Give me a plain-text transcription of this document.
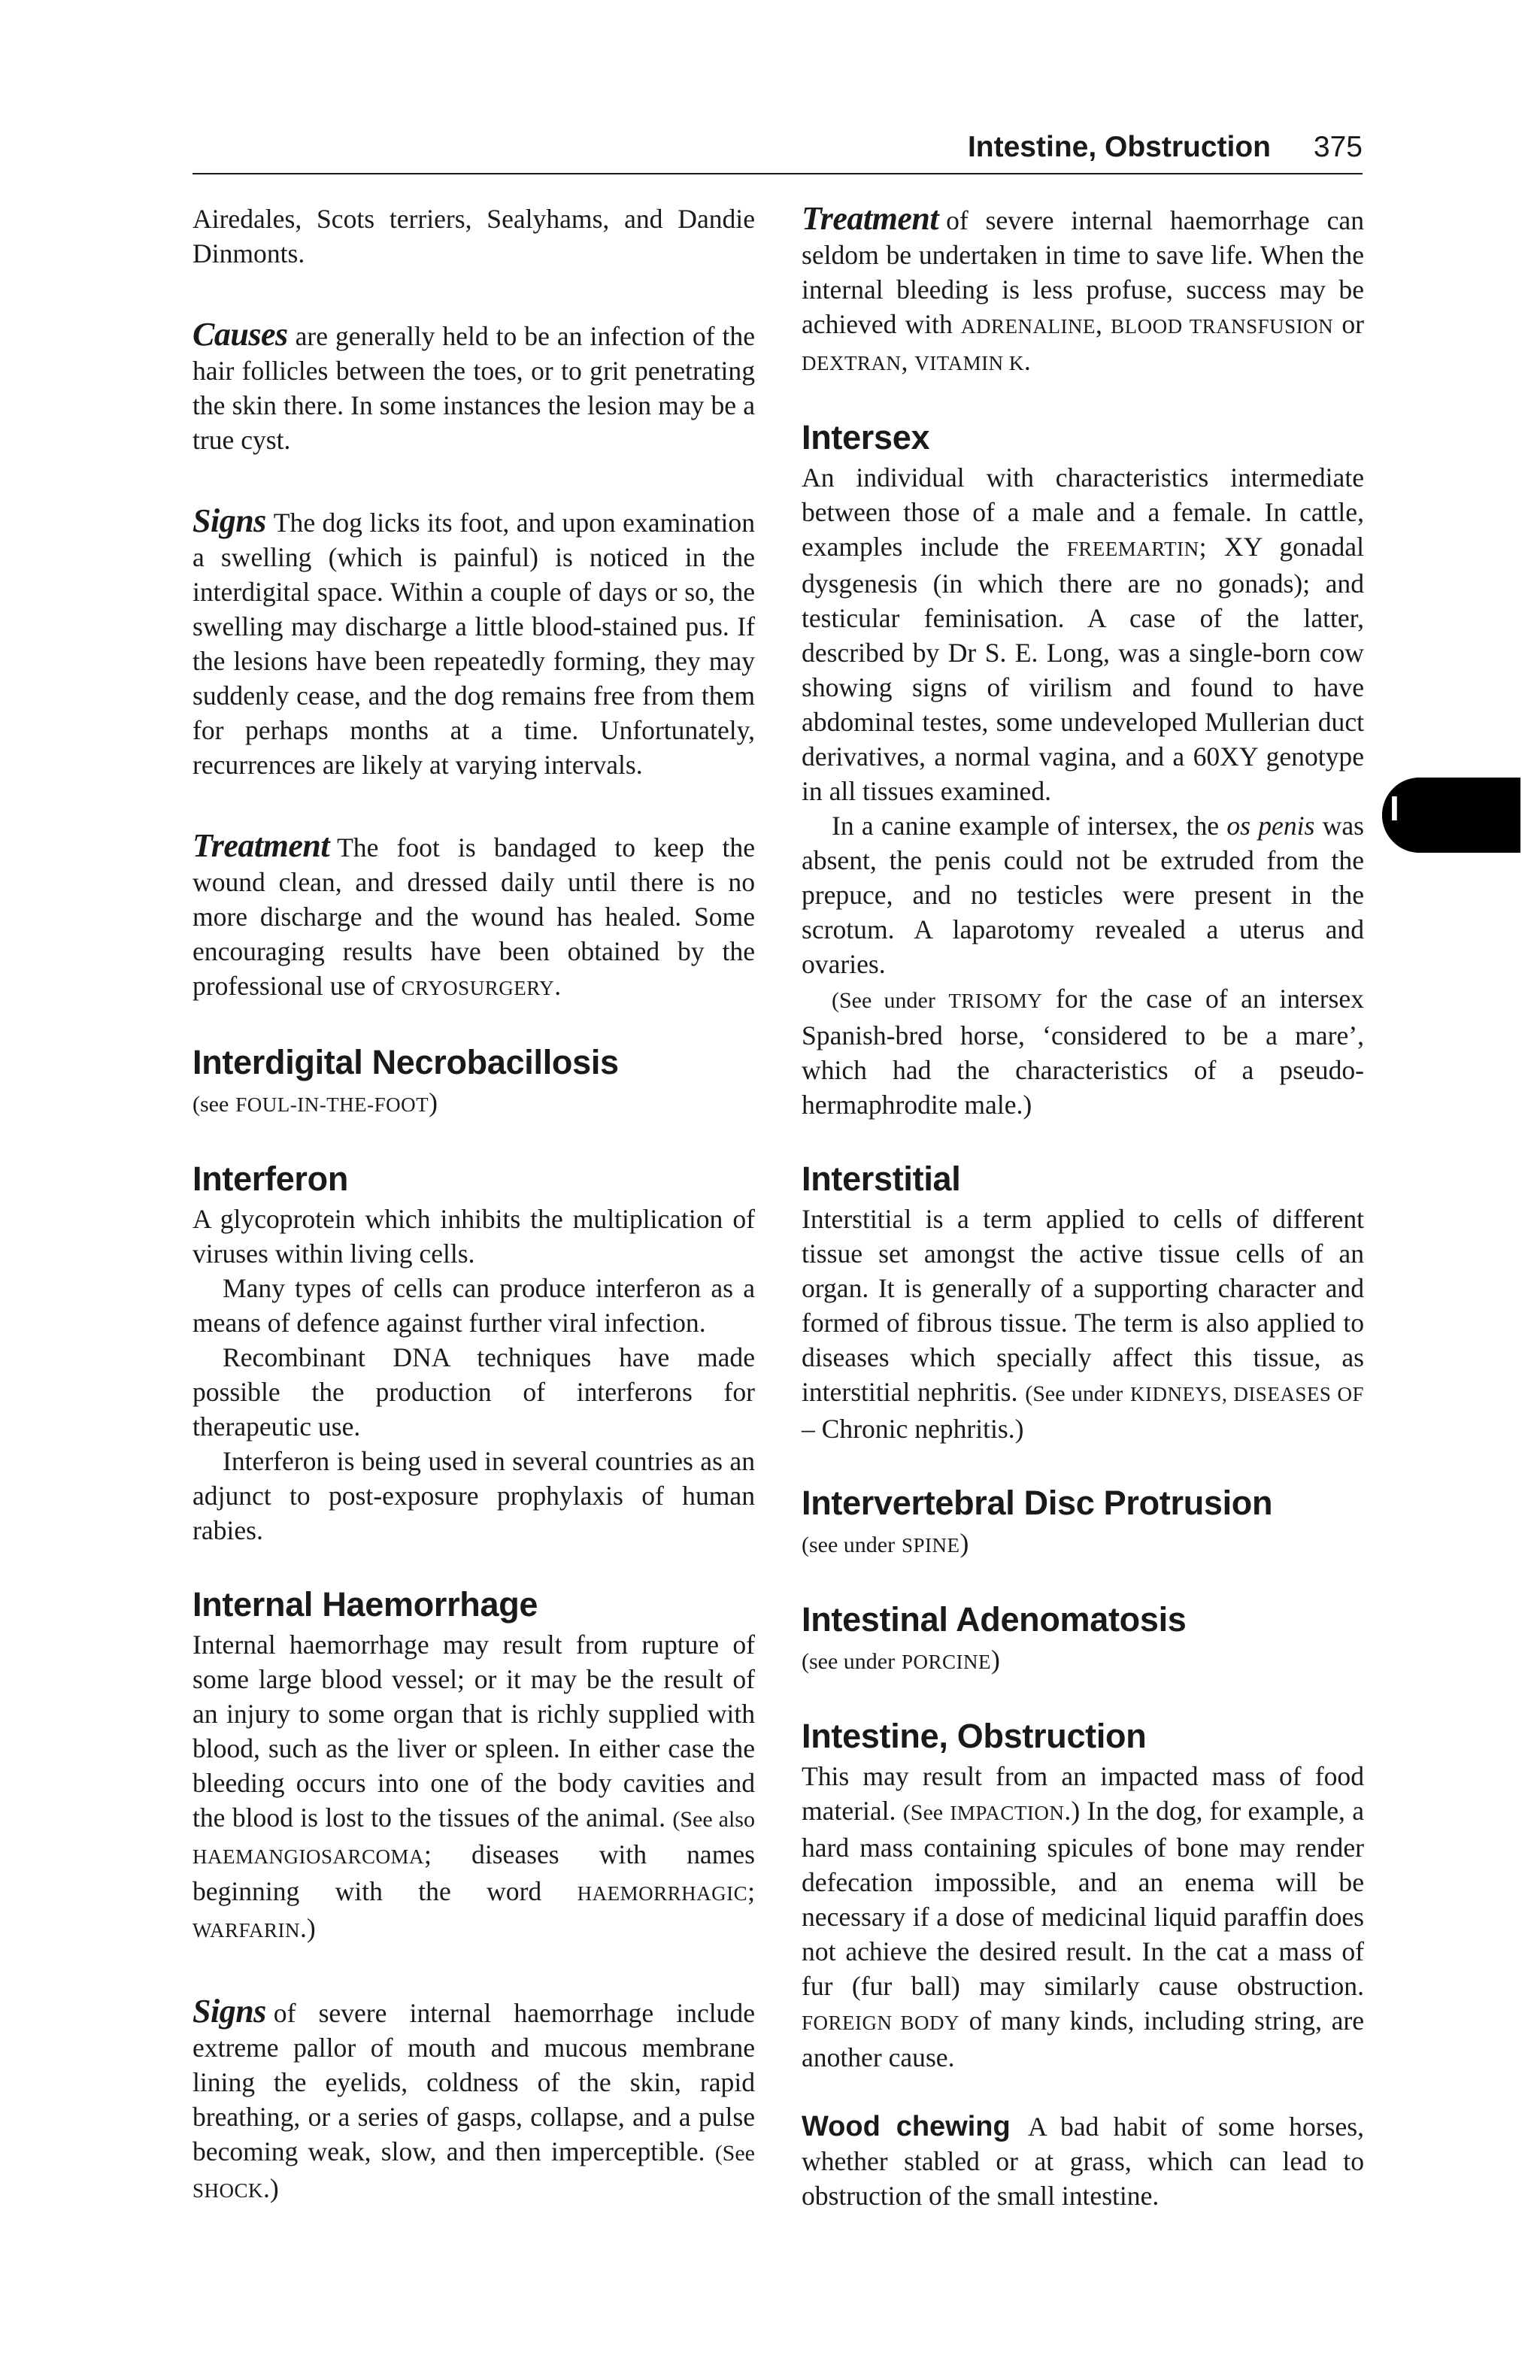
Intestine, Obstruction 375
I

Airedales, Scots terriers, Sealyhams, and Dandie Dinmonts.

Causes are generally held to be an infection of the hair follicles between the toes, or to grit penetrating the skin there. In some instances the lesion may be a true cyst.

Signs The dog licks its foot, and upon examination a swelling (which is painful) is noticed in the interdigital space. Within a couple of days or so, the swelling may discharge a little blood-stained pus. If the lesions have been repeatedly forming, they may suddenly cease, and the dog remains free from them for perhaps months at a time. Unfortunately, recurrences are likely at varying intervals.

Treatment The foot is bandaged to keep the wound clean, and dressed daily until there is no more discharge and the wound has healed. Some encouraging results have been obtained by the professional use of CRYOSURGERY.

Interdigital Necrobacillosis

(see FOUL-IN-THE-FOOT)

Interferon

A glycoprotein which inhibits the multiplication of viruses within living cells.

Many types of cells can produce interferon as a means of defence against further viral infection.

Recombinant DNA techniques have made possible the production of interferons for therapeutic use.

Interferon is being used in several countries as an adjunct to post-exposure prophylaxis of human rabies.

Internal Haemorrhage

Internal haemorrhage may result from rupture of some large blood vessel; or it may be the result of an injury to some organ that is richly supplied with blood, such as the liver or spleen. In either case the bleeding occurs into one of the body cavities and the blood is lost to the tissues of the animal. (See also HAEMANGIOSARCOMA; diseases with names beginning with the word HAEMORRHAGIC; WARFARIN.)

Signs of severe internal haemorrhage include extreme pallor of mouth and mucous membrane lining the eyelids, coldness of the skin, rapid breathing, or a series of gasps, collapse, and a pulse becoming weak, slow, and then imperceptible. (See SHOCK.)

Treatment of severe internal haemorrhage can seldom be undertaken in time to save life. When the internal bleeding is less profuse, success may be achieved with ADRENALINE, BLOOD TRANSFUSION or DEXTRAN, VITAMIN K.

Intersex

An individual with characteristics intermediate between those of a male and a female. In cattle, examples include the FREEMARTIN; XY gonadal dysgenesis (in which there are no gonads); and testicular feminisation. A case of the latter, described by Dr S. E. Long, was a single-born cow showing signs of virilism and found to have abdominal testes, some undeveloped Mullerian duct derivatives, a normal vagina, and a 60XY genotype in all tissues examined.

In a canine example of intersex, the os penis was absent, the penis could not be extruded from the prepuce, and no testicles were present in the scrotum. A laparotomy revealed a uterus and ovaries.

(See under TRISOMY for the case of an intersex Spanish-bred horse, ‘considered to be a mare’, which had the characteristics of a pseudo-hermaphrodite male.)

Interstitial

Interstitial is a term applied to cells of different tissue set amongst the active tissue cells of an organ. It is generally of a supporting character and formed of fibrous tissue. The term is also applied to diseases which specially affect this tissue, as interstitial nephritis. (See under KIDNEYS, DISEASES OF – Chronic nephritis.)

Intervertebral Disc Protrusion

(see under SPINE)

Intestinal Adenomatosis

(see under PORCINE)

Intestine, Obstruction

This may result from an impacted mass of food material. (See IMPACTION.) In the dog, for example, a hard mass containing spicules of bone may render defecation impossible, and an enema will be necessary if a dose of medicinal liquid paraffin does not achieve the desired result. In the cat a mass of fur (fur ball) may similarly cause obstruction. FOREIGN BODY of many kinds, including string, are another cause.

Wood chewing A bad habit of some horses, whether stabled or at grass, which can lead to obstruction of the small intestine.
